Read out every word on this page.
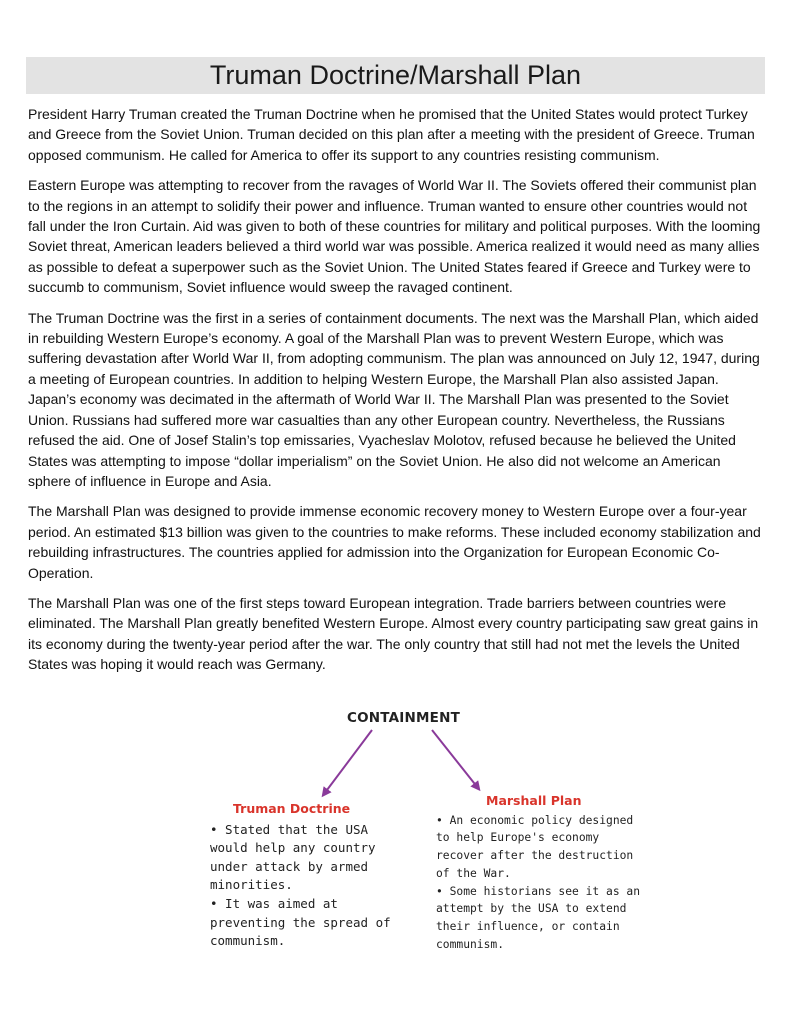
Truman Doctrine/Marshall Plan

President Harry Truman created the Truman Doctrine when he promised that the United States would protect Turkey and Greece from the Soviet Union. Truman decided on this plan after a meeting with the president of Greece. Truman opposed communism. He called for America to offer its support to any countries resisting communism.

Eastern Europe was attempting to recover from the ravages of World War II. The Soviets offered their communist plan to the regions in an attempt to solidify their power and influence. Truman wanted to ensure other countries would not fall under the Iron Curtain. Aid was given to both of these countries for military and political purposes. With the looming Soviet threat, American leaders believed a third world war was possible. America realized it would need as many allies as possible to defeat a superpower such as the Soviet Union. The United States feared if Greece and Turkey were to succumb to communism, Soviet influence would sweep the ravaged continent.

The Truman Doctrine was the first in a series of containment documents. The next was the Marshall Plan, which aided in rebuilding Western Europe’s economy. A goal of the Marshall Plan was to prevent Western Europe, which was suffering devastation after World War II, from adopting communism. The plan was announced on July 12, 1947, during a meeting of European countries. In addition to helping Western Europe, the Marshall Plan also assisted Japan. Japan’s economy was decimated in the aftermath of World War II. The Marshall Plan was presented to the Soviet Union. Russians had suffered more war casualties than any other European country. Nevertheless, the Russians refused the aid. One of Josef Stalin’s top emissaries, Vyacheslav Molotov, refused because he believed the United States was attempting to impose “dollar imperialism” on the Soviet Union. He also did not welcome an American sphere of influence in Europe and Asia.

The Marshall Plan was designed to provide immense economic recovery money to Western Europe over a four-year period. An estimated $13 billion was given to the countries to make reforms. These included economy stabilization and rebuilding infrastructures. The countries applied for admission into the Organization for European Economic Co-Operation.

The Marshall Plan was one of the first steps toward European integration. Trade barriers between countries were eliminated. The Marshall Plan greatly benefited Western Europe. Almost every country participating saw great gains in its economy during the twenty-year period after the war. The only country that still had not met the levels the United States was hoping it would reach was Germany.

CONTAINMENT
Truman Doctrine

• Stated that the USA would help any country under attack by armed minorities.

• It was aimed at preventing the spread of communism.

Marshall Plan

• An economic policy designed to help Europe's economy recover after the destruction of the War.

• Some historians see it as an attempt by the USA to extend their influence, or contain communism.
